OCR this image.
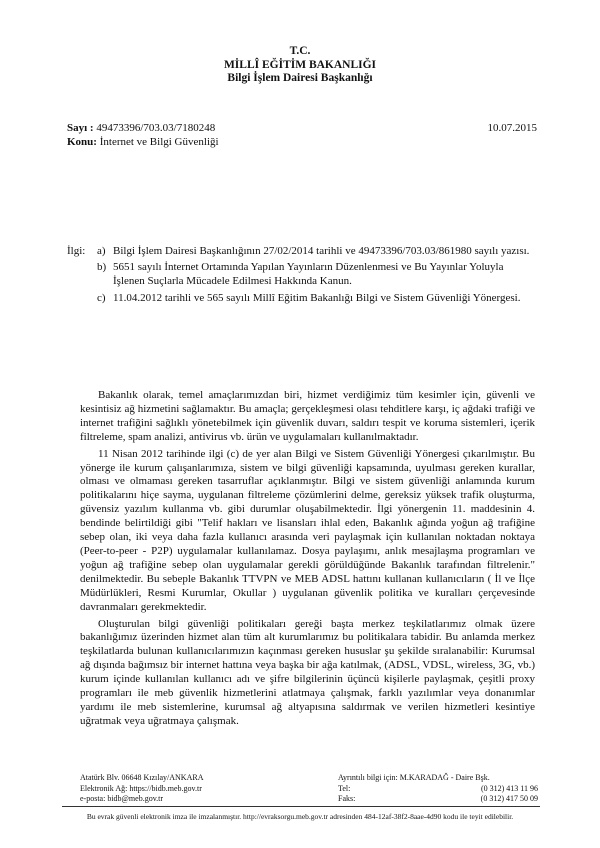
T.C.
MİLLÎ EĞİTİM BAKANLIĞI
Bilgi İşlem Dairesi Başkanlığı
Sayı : 49473396/703.03/7180248	10.07.2015
Konu: İnternet ve Bilgi Güvenliği
İlgi:	a) Bilgi İşlem Dairesi Başkanlığının 27/02/2014 tarihli ve 49473396/703.03/861980 sayılı yazısı.
b) 5651 sayılı İnternet Ortamında Yapılan Yayınların Düzenlenmesi ve Bu Yayınlar Yoluyla İşlenen Suçlarla Mücadele Edilmesi Hakkında Kanun.
c) 11.04.2012 tarihli ve 565 sayılı Millî Eğitim Bakanlığı Bilgi ve Sistem Güvenliği Yönergesi.

Bakanlık olarak, temel amaçlarımızdan biri, hizmet verdiğimiz tüm kesimler için, güvenli ve kesintisiz ağ hizmetini sağlamaktır. Bu amaçla; gerçekleşmesi olası tehditlere karşı, iç ağdaki trafiği ve internet trafiğini sağlıklı yönetebilmek için güvenlik duvarı, saldırı tespit ve koruma sistemleri, içerik filtreleme, spam analizi, antivirus vb. ürün ve uygulamaları kullanılmaktadır.

11 Nisan 2012 tarihinde ilgi (c) de yer alan Bilgi ve Sistem Güvenliği Yönergesi çıkarılmıştır. Bu yönerge ile kurum çalışanlarımıza, sistem ve bilgi güvenliği kapsamında, uyulması gereken kurallar, olması ve olmaması gereken tasarruflar açıklanmıştır. Bilgi ve sistem güvenliği anlamında kurum politikalarını hiçe sayma, uygulanan filtreleme çözümlerini delme, gereksiz yüksek trafik oluşturma, güvensiz yazılım kullanma vb. gibi durumlar oluşabilmektedir. İlgi yönergenin 11. maddesinin 4. bendinde belirtildiği gibi "Telif hakları ve lisansları ihlal eden, Bakanlık ağında yoğun ağ trafiğine sebep olan, iki veya daha fazla kullanıcı arasında veri paylaşmak için kullanılan noktadan noktaya (Peer-to-peer - P2P) uygulamalar kullanılamaz. Dosya paylaşımı, anlık mesajlaşma programları ve yoğun ağ trafiğine sebep olan uygulamalar gerekli görüldüğünde Bakanlık tarafından filtrelenir." denilmektedir. Bu sebeple Bakanlık TTVPN ve MEB ADSL hattını kullanan kullanıcıların ( İl ve İlçe Müdürlükleri, Resmi Kurumlar, Okullar ) uygulanan güvenlik politika ve kuralları çerçevesinde davranmaları gerekmektedir.

Oluşturulan bilgi güvenliği politikaları gereği başta merkez teşkilatlarımız olmak üzere bakanlığımız üzerinden hizmet alan tüm alt kurumlarımız bu politikalara tabidir. Bu anlamda merkez teşkilatlarda bulunan kullanıcılarımızın kaçınması gereken hususlar şu şekilde sıralanabilir: Kurumsal ağ dışında bağımsız bir internet hattına veya başka bir ağa katılmak, (ADSL, VDSL, wireless, 3G, vb.) kurum içinde kullanılan kullanıcı adı ve şifre bilgilerinin üçüncü kişilerle paylaşmak, çeşitli proxy programları ile meb güvenlik hizmetlerini atlatmaya çalışmak, farklı yazılımlar veya donanımlar yardımı ile meb sistemlerine, kurumsal ağ altyapısına saldırmak ve verilen hizmetleri kesintiye uğratmak veya uğratmaya çalışmak.

Atatürk Blv. 06648 Kızılay/ANKARA
Elektronik Ağ: https://bidb.meb.gov.tr
e-posta: bidb@meb.gov.tr
Ayrıntılı bilgi için: M.KARADAĞ - Daire Bşk.
Tel:	(0 312) 413 11 96
Faks:	(0 312) 417 50 09
Bu evrak güvenli elektronik imza ile imzalanmıştır. http://evraksorgu.meb.gov.tr adresinden 484-12af-38f2-8aae-4d90 kodu ile teyit edilebilir.
